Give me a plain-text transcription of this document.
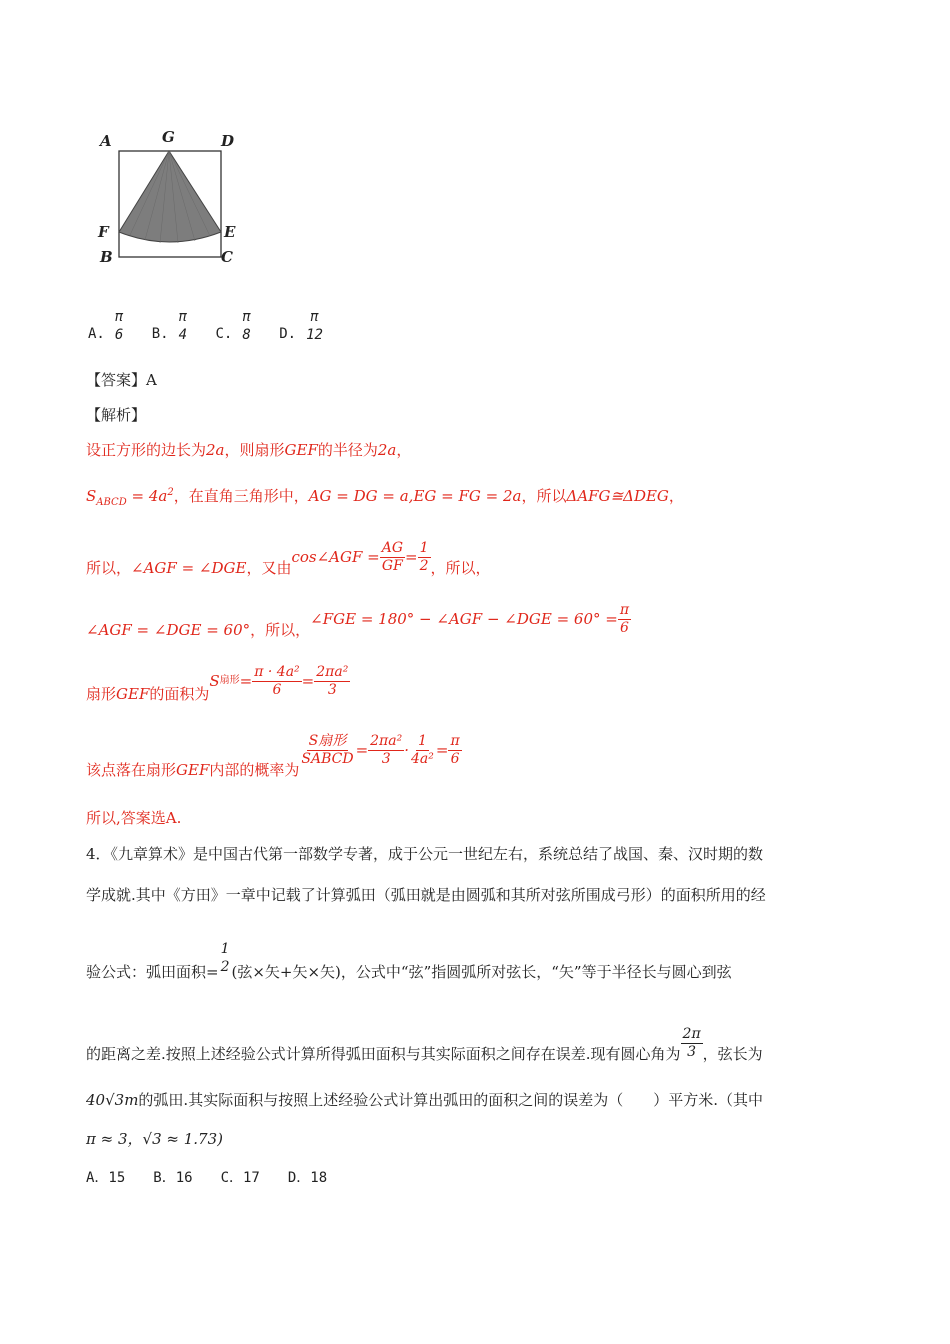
A	G	D
F	E
B	C
A.
π
6
B.
π
4
C.
π
8
D.
π
12
【答案】A
【解析】
设正方形的边长为2a，则扇形GEF的半径为2a，
$S_{ABCD} = 4a^2$，在直角三角形中，AG = DG = a,EG = FG = 2a，所以ΔAFG≅ΔDEG，
所以， ∠AGF = ∠DGE ，又由
cos∠AGF = $\frac{AG}{GF} = \frac{1}{2}$ ，所以，
∠AGF = ∠DGE = 60° ，所以，
∠FGE = 180° − ∠AGF − ∠DGE = $60^\circ = \frac{\pi}{6}$
扇形 GEF 的面积为
S 扇形 = $\frac{\text{π · 4a²}}{6} = \frac{\text{2πa²}}{3}$
该点落在扇形 GEF 内部的概率为
$\frac{\text{S扇形}}{\text{SABCD}} = \frac{\text{2πa²}}{3} \cdot \frac{1}{\text{4a²}} = \frac{\pi}{6}$
所以,答案选A.
4．《九章算术》是中国古代第一部数学专著，成于公元一世纪左右，系统总结了战国、秦、汉时期的数
学成就.其中《方田》一章中记载了计算弧田（弧田就是由圆弧和其所对弦所围成弓形）的面积所用的经
验公式：弧田面积=
1
2 (弦×矢+矢×矢)，公式中“弦”指圆弧所对弦长，“矢”等于半径长与圆心到弦
的距离之差.按照上述经验公式计算所得弧田面积与其实际面积之间存在误差.现有圆心角为 $\frac{2\pi}{3}$ ，弦长为
40√3m的弧田.其实际面积与按照上述经验公式计算出弧田的面积之间的误差为（　　）平方米.（其中
π ≈ 3，√3 ≈ 1.73)
A．15　　B．16　　C．17　　D．18
